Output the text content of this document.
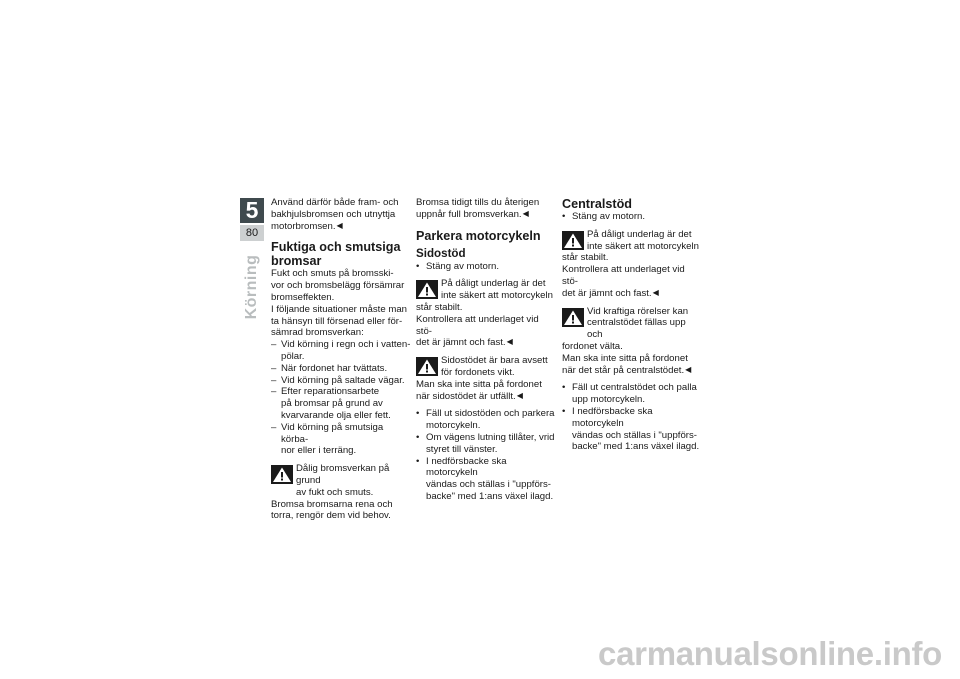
5
80
Körning

Använd därför både fram- och
bakhjulsbromsen och utnyttja
motorbromsen.◀

Fuktiga och smutsiga
bromsar

Fukt och smuts på bromsski-
vor och bromsbelägg försämrar
bromseffekten.

I följande situationer måste man
ta hänsyn till försenad eller för-
sämrad bromsverkan:

– Vid körning i regn och i vatten-
pölar.
– När fordonet har tvättats.
– Vid körning på saltade vägar.
– Efter reparationsarbete
på bromsar på grund av
kvarvarande olja eller fett.
– Vid körning på smutsiga körba-
nor eller i terräng.

Dålig bromsverkan på grund

av fukt och smuts.

Bromsa bromsarna rena och
torra, rengör dem vid behov.

Bromsa tidigt tills du återigen
uppnår full bromsverkan.◀

Parkera motorcykeln
Sidostöd
• Stäng av motorn.

På dåligt underlag är det

inte säkert att motorcykeln

står stabilt.

Kontrollera att underlaget vid stö-
det är jämnt och fast.◀

Sidostödet är bara avsett

för fordonets vikt.

Man ska inte sitta på fordonet
när sidostödet är utfällt.◀

• Fäll ut sidostöden och parkera
motorcykeln.
• Om vägens lutning tillåter, vrid
styret till vänster.
• I nedförsbacke ska motorcykeln
vändas och ställas i "uppförs-
backe" med 1:ans växel ilagd.
Centralstöd
• Stäng av motorn.

På dåligt underlag är det

inte säkert att motorcykeln

står stabilt.

Kontrollera att underlaget vid stö-
det är jämnt och fast.◀

Vid kraftiga rörelser kan

centralstödet fällas upp och

fordonet välta.

Man ska inte sitta på fordonet
när det står på centralstödet.◀

• Fäll ut centralstödet och palla
upp motorcykeln.
• I nedförsbacke ska motorcykeln
vändas och ställas i "uppförs-
backe" med 1:ans växel ilagd.
carmanualsonline.info
